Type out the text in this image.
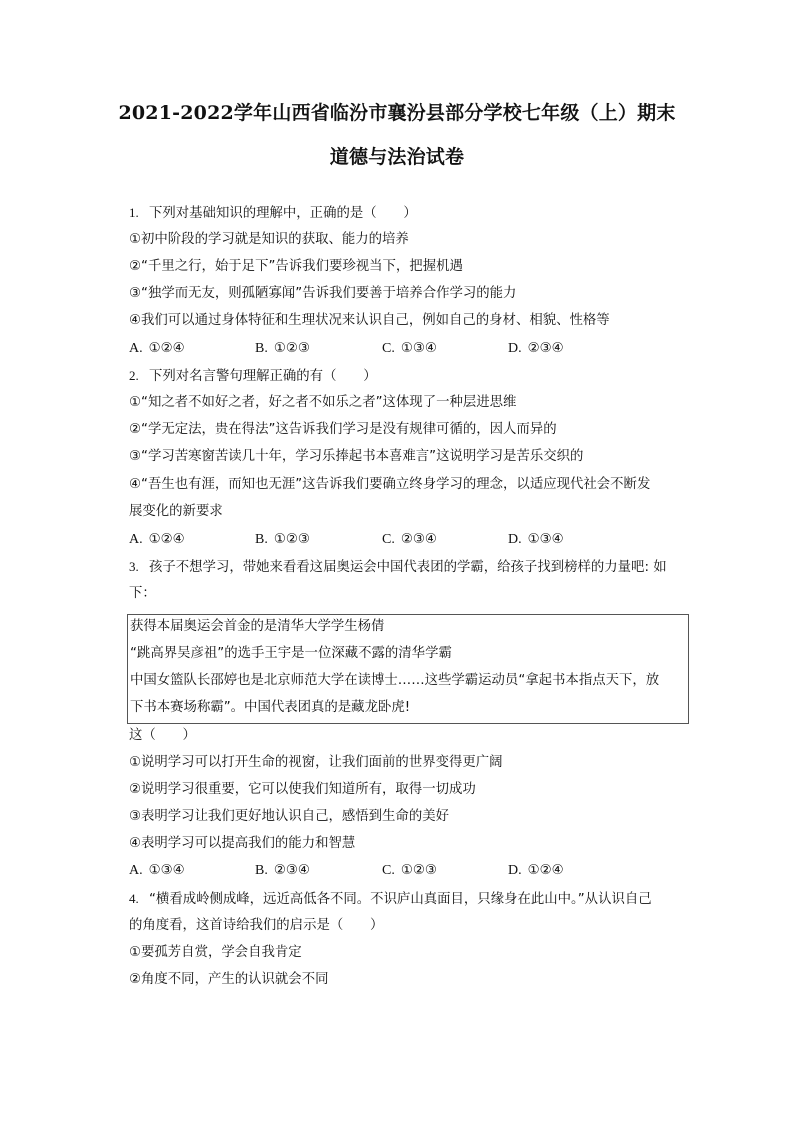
2021-2022学年山西省临汾市襄汾县部分学校七年级（上）期末
道德与法治试卷
1. 下列对基础知识的理解中，正确的是（　　）
①初中阶段的学习就是知识的获取、能力的培养
②“千里之行，始于足下”告诉我们要珍视当下，把握机遇
③“独学而无友，则孤陋寡闻”告诉我们要善于培养合作学习的能力
④我们可以通过身体特征和生理状况来认识自己，例如自己的身材、相貌、性格等
A. ①②④	B. ①②③	C. ①③④	D. ②③④
2. 下列对名言警句理解正确的有（　　）
①“知之者不如好之者，好之者不如乐之者”这体现了一种层进思维
②“学无定法，贵在得法”这告诉我们学习是没有规律可循的，因人而异的
③“学习苦寒窗苦读几十年，学习乐捧起书本喜难言”这说明学习是苦乐交织的
④“吾生也有涯，而知也无涯”这告诉我们要确立终身学习的理念，以适应现代社会不断发
展变化的新要求
A. ①②④	B. ①②③	C. ②③④	D. ①③④
3. 孩子不想学习，带她来看看这届奥运会中国代表团的学霸，给孩子找到榜样的力量吧: 如
下：
获得本届奥运会首金的是清华大学学生杨倩
“跳高界吴彦祖”的选手王宇是一位深藏不露的清华学霸
中国女篮队长邵婷也是北京师范大学在读博士……这些学霸运动员“拿起书本指点天下，放
下书本赛场称霸”。中国代表团真的是藏龙卧虎!
这（　　）
①说明学习可以打开生命的视窗，让我们面前的世界变得更广阔
②说明学习很重要，它可以使我们知道所有，取得一切成功
③表明学习让我们更好地认识自己，感悟到生命的美好
④表明学习可以提高我们的能力和智慧
A. ①③④	B. ②③④	C. ①②③	D. ①②④
4. “横看成岭侧成峰，远近高低各不同。不识庐山真面目，只缘身在此山中。”从认识自己
的角度看，这首诗给我们的启示是（　　）
①要孤芳自赏，学会自我肯定
②角度不同，产生的认识就会不同
